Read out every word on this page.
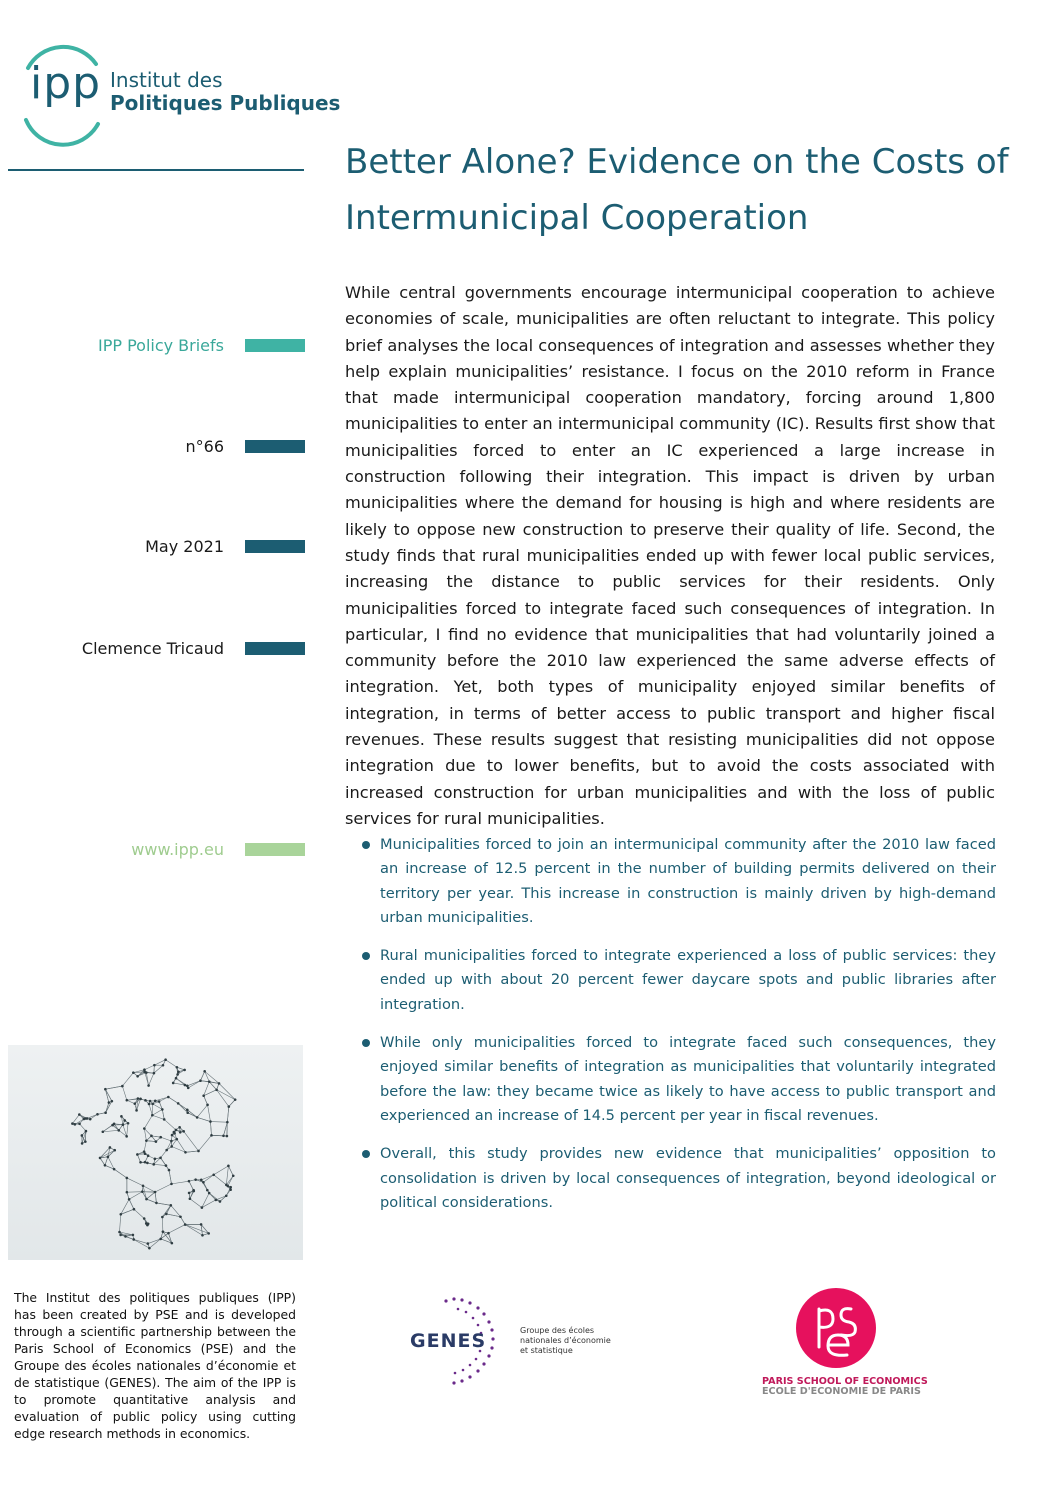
ipp Institut des
Politiques Publiques
Better Alone? Evidence on the Costs of Intermunicipal Cooperation
IPP Policy Briefs
n°66
May 2021
Clemence Tricaud
www.ipp.eu
While central governments encourage intermunicipal cooperation to achieve economies of scale, municipalities are often reluctant to integrate. This policy brief analyses the local consequences of integration and assesses whether they help explain municipalities’ resistance. I focus on the 2010 reform in France that made intermunicipal cooperation mandatory, forcing around 1,800 municipalities to enter an intermunicipal community (IC). Results first show that municipalities forced to enter an IC experienced a large increase in construction following their integration. This impact is driven by urban municipalities where the demand for housing is high and where residents are likely to oppose new construction to preserve their quality of life. Second, the study finds that rural municipalities ended up with fewer local public services, increasing the distance to public services for their residents. Only municipalities forced to integrate faced such consequences of integration. In particular, I find no evidence that municipalities that had voluntarily joined a community before the 2010 law experienced the same adverse effects of integration. Yet, both types of municipality enjoyed similar benefits of integration, in terms of better access to public transport and higher fiscal revenues. These results suggest that resisting municipalities did not oppose integration due to lower benefits, but to avoid the costs associated with increased construction for urban municipalities and with the loss of public services for rural municipalities.
Municipalities forced to join an intermunicipal community after the 2010 law faced an increase of 12.5 percent in the number of building permits delivered on their territory per year. This increase in construction is mainly driven by high-demand urban municipalities.
Rural municipalities forced to integrate experienced a loss of public services: they ended up with about 20 percent fewer daycare spots and public libraries after integration.
While only municipalities forced to integrate faced such consequences, they enjoyed similar benefits of integration as municipalities that voluntarily integrated before the law: they became twice as likely to have access to public transport and experienced an increase of 14.5 percent per year in fiscal revenues.
Overall, this study provides new evidence that municipalities’ opposition to consolidation is driven by local consequences of integration, beyond ideological or political considerations.
The Institut des politiques publiques (IPP) has been created by PSE and is developed through a scientific partnership between the Paris School of Economics (PSE) and the Groupe des écoles nationales d’économie et de statistique (GENES). The aim of the IPP is to promote quantitative analysis and evaluation of public policy using cutting edge research methods in economics.
GENES	Groupe des écoles
nationales d’économie
et statistique
PARIS SCHOOL OF ECONOMICS
ECOLE D'ECONOMIE DE PARIS
